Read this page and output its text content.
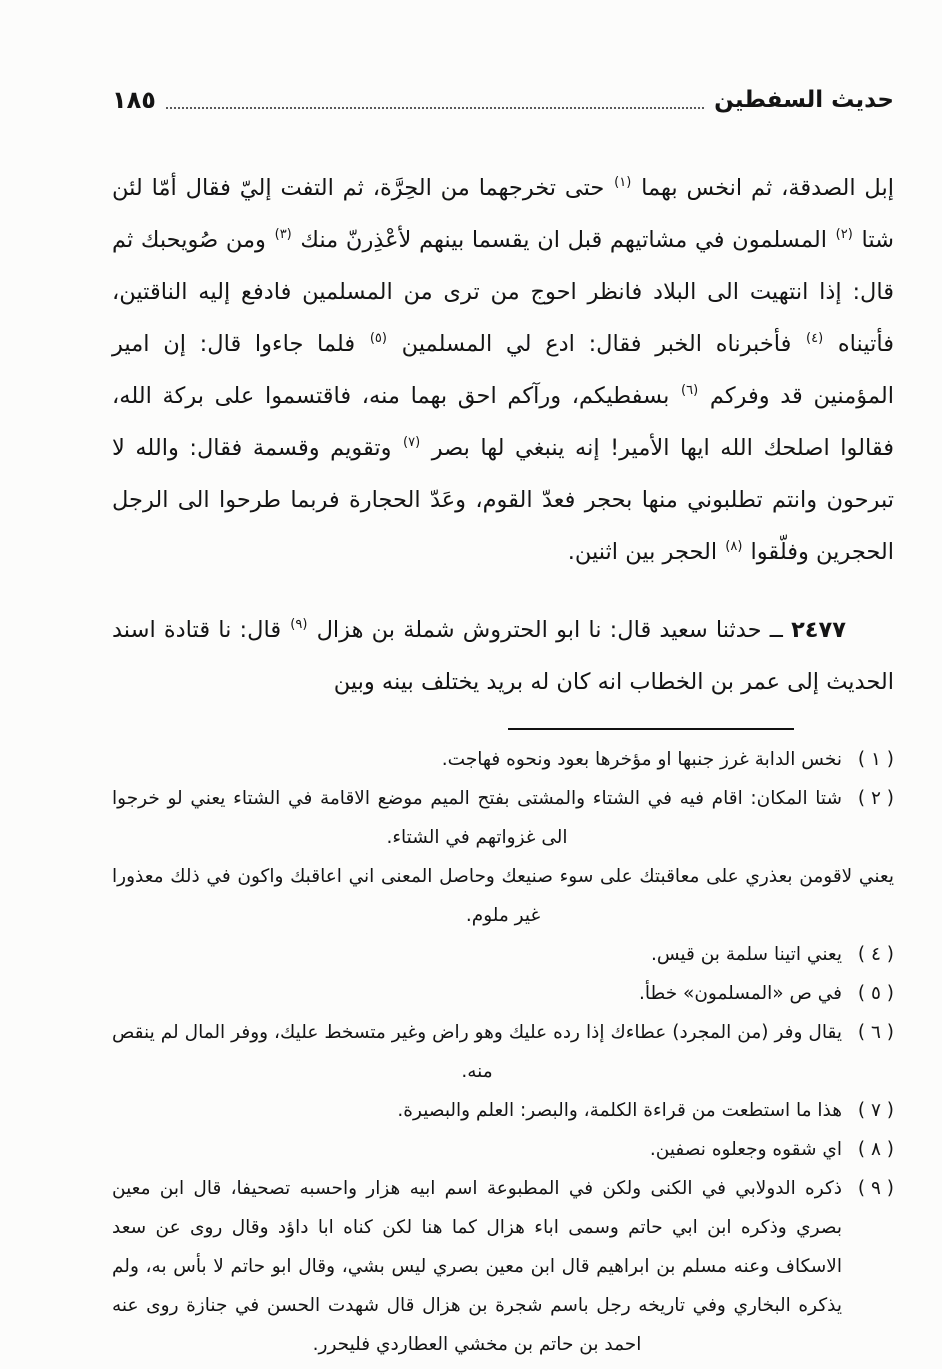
حديث السفطين
١٨٥

إبل الصدقة، ثم انخس بهما $^{(١)}$ حتى تخرجهما من الحِرَّة، ثم التفت إليّ فقال أمّا لئن شتا $^{(٢)}$ المسلمون في مشاتيهم قبل ان يقسما بينهم لأعْذِرنّ منك $^{(٣)}$ ومن صُويحبك ثم قال: إذا انتهيت الى البلاد فانظر احوج من ترى من المسلمين فادفع إليه الناقتين، فأتيناه $^{(٤)}$ فأخبرناه الخبر فقال: ادع لي المسلمين $^{(٥)}$ فلما جاءوا قال: إن امير المؤمنين قد وفركم $^{(٦)}$ بسفطيكم، ورآكم احق بهما منه، فاقتسموا على بركة الله، فقالوا اصلحك الله ايها الأمير! إنه ينبغي لها بصر $^{(٧)}$ وتقويم وقسمة فقال: والله لا تبرحون وانتم تطلبوني منها بحجر فعدّ القوم، وعَدّ الحجارة فربما طرحوا الى الرجل الحجرين وفلّقوا $^{(٨)}$ الحجر بين اثنين.

٢٤٧٧ ــ حدثنا سعيد قال: نا ابو الحتروش شملة بن هزال $^{(٩)}$ قال: نا قتادة اسند الحديث إلى عمر بن الخطاب انه كان له بريد يختلف بينه وبين

( ١ )
نخس الدابة غرز جنبها او مؤخرها بعود ونحوه فهاجت.
( ٢ )
شتا المكان: اقام فيه في الشتاء والمشتى بفتح الميم موضع الاقامة في الشتاء يعني لو خرجوا الى غزواتهم في الشتاء.
يعني لاقومن بعذري على معاقبتك على سوء صنيعك وحاصل المعنى اني اعاقبك واكون في ذلك معذورا غير ملوم.
( ٤ )
يعني اتينا سلمة بن قيس.
( ٥ )
في ص «المسلمون» خطأ.
( ٦ )
يقال وفر (من المجرد) عطاءك إذا رده عليك وهو راض وغير متسخط عليك، ووفر المال لم ينقص منه.
( ٧ )
هذا ما استطعت من قراءة الكلمة، والبصر: العلم والبصيرة.
( ٨ )
اي شقوه وجعلوه نصفين.
( ٩ )
ذكره الدولابي في الكنى ولكن في المطبوعة اسم ابيه هزار واحسبه تصحيفا، قال ابن معين بصري وذكره ابن ابي حاتم وسمى اباء هزال كما هنا لكن كناه ابا داؤد وقال روى عن سعد الاسكاف وعنه مسلم بن ابراهيم قال ابن معين بصري ليس بشي، وقال ابو حاتم لا بأس به، ولم يذكره البخاري وفي تاريخه رجل باسم شجرة بن هزال قال شهدت الحسن في جنازة روى عنه احمد بن حاتم بن مخشي العطاردي فليحرر.
